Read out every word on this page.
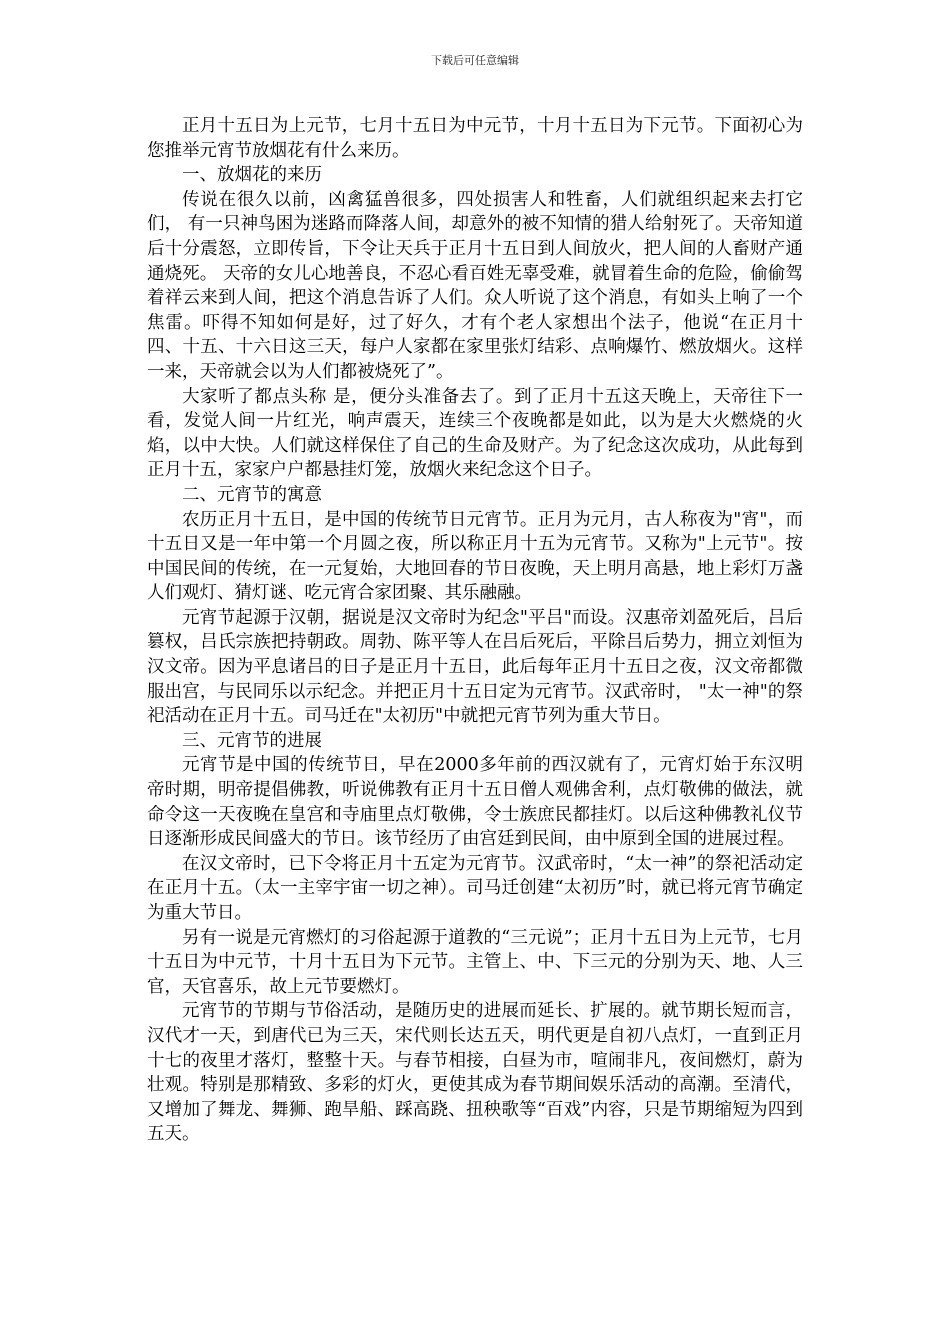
下载后可任意编辑

正月十五日为上元节，七月十五日为中元节，十月十五日为下元节。下面初心为您推举元宵节放烟花有什么来历。

一、放烟花的来历

传说在很久以前，凶禽猛兽很多，四处损害人和牲畜，人们就组织起来去打它们， 有一只神鸟困为迷路而降落人间，却意外的被不知情的猎人给射死了。天帝知道后十分震怒，立即传旨，下令让天兵于正月十五日到人间放火，把人间的人畜财产通通烧死。 天帝的女儿心地善良，不忍心看百姓无辜受难，就冒着生命的危险，偷偷驾着祥云来到人间，把这个消息告诉了人们。众人听说了这个消息，有如头上响了一个焦雷。吓得不知如何是好，过了好久，才有个老人家想出个法子，他说“在正月十四、十五、十六日这三天，每户人家都在家里张灯结彩、点响爆竹、燃放烟火。这样一来，天帝就会以为人们都被烧死了”。

大家听了都点头称 是，便分头准备去了。到了正月十五这天晚上，天帝往下一看，发觉人间一片红光，响声震天，连续三个夜晚都是如此，以为是大火燃烧的火焰，以中大快。人们就这样保住了自己的生命及财产。为了纪念这次成功，从此每到正月十五，家家户户都悬挂灯笼，放烟火来纪念这个日子。

二、元宵节的寓意

农历正月十五日，是中国的传统节日元宵节。正月为元月，古人称夜为"宵"，而十五日又是一年中第一个月圆之夜，所以称正月十五为元宵节。又称为"上元节"。按中国民间的传统，在一元复始，大地回春的节日夜晚，天上明月高悬，地上彩灯万盏人们观灯、猜灯谜、吃元宵合家团聚、其乐融融。

元宵节起源于汉朝，据说是汉文帝时为纪念"平吕"而设。汉惠帝刘盈死后，吕后篡权，吕氏宗族把持朝政。周勃、陈平等人在吕后死后，平除吕后势力，拥立刘恒为汉文帝。因为平息诸吕的日子是正月十五日，此后每年正月十五日之夜，汉文帝都微服出宫，与民同乐以示纪念。并把正月十五日定为元宵节。汉武帝时， "太一神"的祭祀活动在正月十五。司马迁在"太初历"中就把元宵节列为重大节日。

三、元宵节的进展

元宵节是中国的传统节日，早在2000多年前的西汉就有了，元宵灯始于东汉明帝时期，明帝提倡佛教，听说佛教有正月十五日僧人观佛舍利，点灯敬佛的做法，就命令这一天夜晚在皇宫和寺庙里点灯敬佛，令士族庶民都挂灯。以后这种佛教礼仪节日逐渐形成民间盛大的节日。该节经历了由宫廷到民间，由中原到全国的进展过程。

在汉文帝时，已下令将正月十五定为元宵节。汉武帝时，“太一神”的祭祀活动定在正月十五。（太一主宰宇宙一切之神）。司马迁创建“太初历”时，就已将元宵节确定为重大节日。

另有一说是元宵燃灯的习俗起源于道教的“三元说”；正月十五日为上元节，七月十五日为中元节，十月十五日为下元节。主管上、中、下三元的分别为天、地、人三官，天官喜乐，故上元节要燃灯。

元宵节的节期与节俗活动，是随历史的进展而延长、扩展的。就节期长短而言，汉代才一天，到唐代已为三天，宋代则长达五天，明代更是自初八点灯，一直到正月十七的夜里才落灯，整整十天。与春节相接，白昼为市，喧闹非凡，夜间燃灯，蔚为壮观。特别是那精致、多彩的灯火，更使其成为春节期间娱乐活动的高潮。至清代，又增加了舞龙、舞狮、跑旱船、踩高跷、扭秧歌等“百戏”内容，只是节期缩短为四到五天。
